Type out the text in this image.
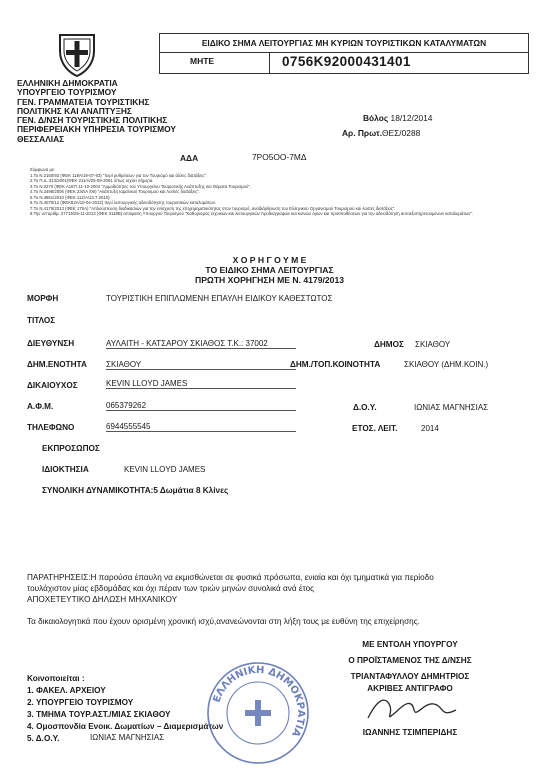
ΕΙΔΙΚΟ ΣΗΜΑ ΛΕΙΤΟΥΡΓΙΑΣ ΜΗ ΚΥΡΙΩΝ ΤΟΥΡΙΣΤΙΚΩΝ ΚΑΤΑΛΥΜΑΤΩΝ
ΜΗΤΕ	0756K92000431401
ΕΛΛΗΝΙΚΗ ΔΗΜΟΚΡΑΤΙΑ
ΥΠΟΥΡΓΕΙΟ ΤΟΥΡΙΣΜΟΥ
ΓΕΝ. ΓΡΑΜΜΑΤΕΙΑ ΤΟΥΡΙΣΤΙΚΗΣ
ΠΟΛΙΤΙΚΗΣ ΚΑΙ ΑΝΑΠΤΥΞΗΣ
ΓΕΝ. Δ/ΝΣΗ ΤΟΥΡΙΣΤΙΚΗΣ ΠΟΛΙΤΙΚΗΣ
ΠΕΡΙΦΕΡΕΙΑΚΗ ΥΠΗΡΕΣΙΑ ΤΟΥΡΙΣΜΟΥ
ΘΕΣΣΑΛΙΑΣ
Βόλος 18/12/2014
Αρ. Πρωτ.ΘΕΣ/0288
ΑΔΑ	7ΡΟ5ΟΟ-7ΜΔ
Σύμφωνα με:
1.Το Ν.2160/93 (ΦΕΚ 118Α/19-07-93) "περί ρυθμίσεων για τον Τουρισμό και άλλες διατάξεις".
2.Το Π.Δ. 313/2001(ΦΕΚ 211/Α/25-09-2001 όπως ισχύει σήμερα.
3.Το Ν.3270 (ΦΕΚ Α187/ 11-10-2004 "Αρμοδιότητες του Υπουργείου Τουριστικής Ανάπτυξης και Θέματα Τουρισμού".
4.Το Ν.3498/2006 (ΦΕΚ 230/Α /06) "Ανάπτυξη Ιαματικού Τουρισμού και Λοιπές διατάξεις".
5.Το Ν.3861/2010 (ΦΕΚ 112/Α/13.7.2010).
6.Το Ν.4070/12 (ΦΕΚ82Α/10-04-2012) περί λειτουργικής αδειοδότησης τουριστικών καταλυμάτων.
7.Το Ν.4179/2013 (ΦΕΚ 175Α) "Απλούστευση διαδικασιών για την ενίσχυση της επιχειρηματικότητας στον τουρισμό, αναδιάρθρωση του Ελληνικού Οργανισμού Τουρισμού και λοιπές διατάξεις".
8.Την υπ'αριθμ. 27715/29-11-2013 (ΦΕΚ 3118Β) απόφαση Υπουργού Τουρισμού "Καθορισμός τεχνικών και λειτουργικών προδιαγραφών και κοινών όρων και προϋποθέσεων για την αδειοδότηση αυτοεξυπηρετούμενων καταλυμάτων".
Χ Ο Ρ Η Γ Ο Υ Μ Ε
ΤΟ ΕΙΔΙΚΟ ΣΗΜΑ ΛΕΙΤΟΥΡΓΙΑΣ
ΠΡΩΤΗ ΧΟΡΗΓΗΣΗ ΜΕ Ν. 4179/2013
ΜΟΡΦΗ	ΤΟΥΡΙΣΤΙΚΗ ΕΠΙΠΛΩΜΕΝΗ ΕΠΑΥΛΗ ΕΙΔΙΚΟΥ ΚΑΘΕΣΤΩΤΟΣ
ΤΙΤΛΟΣ
ΔΙΕΥΘΥΝΣΗ	ΑΥΛΑΙΤΗ - ΚΑΤΣΑΡΟΥ ΣΚΙΑΘΟΣ Τ.Κ.: 37002	ΔΗΜΟΣ ΣΚΙΑΘΟΥ
ΔΗΜ.ΕΝΟΤΗΤΑ ΣΚΙΑΘΟΥ	ΔΗΜ./ΤΟΠ.ΚΟΙΝΟΤΗΤΑ	ΣΚΙΑΘΟΥ (ΔΗΜ.ΚΟΙΝ.)
ΔΙΚΑΙΟΥΧΟΣ	KEVIN LLOYD JAMES
Α.Φ.Μ.	065379262	Δ.Ο.Υ.	ΙΩΝΙΑΣ ΜΑΓΝΗΣΙΑΣ
ΤΗΛΕΦΩΝΟ	6944555545	ΕΤΟΣ. ΛΕΙΤ.	2014
ΕΚΠΡΟΣΩΠΟΣ
ΙΔΙΟΚΤΗΣΙΑ	KEVIN LLOYD JAMES
ΣΥΝΟΛΙΚΗ ΔΥΝΑΜΙΚΟΤΗΤΑ:5 Δωμάτια 8 Κλίνες
ΠΑΡΑΤΗΡΗΣΕΙΣ:Η παρούσα έπαυλη να εκμισθώνεται σε φυσικά πρόσωπα, ενιαία και όχι τμηματικά για περίοδο
τουλάχιστον μίας εβδομάδας και όχι πέραν των τριών μηνών συνολικά ανά έτος
ΑΠΟΧΕΤΕΥΤΙΚΟ ΔΗΛΩΣΗ ΜΗΧΑΝΙΚΟΥ
Τα δικαιολογητικά που έχουν ορισμένη χρονική ισχύ,ανανεώνονται στη λήξη τους με ευθύνη της επιχείρησης.
ΜΕ ΕΝΤΟΛΗ ΥΠΟΥΡΓΟΥ
Ο ΠΡΟΪΣΤΑΜΕΝΟΣ ΤΗΣ Δ/ΝΣΗΣ
ΤΡΙΑΝΤΑΦΥΛΛΟΥ ΔΗΜΗΤΡΙΟΣ
ΑΚΡΙΒΕΣ ΑΝΤΙΓΡΑΦΟ
ΙΩΑΝΝΗΣ ΤΣΙΜΠΕΡΙΔΗΣ
Κοινοποιείται :
1. ΦΑΚΕΛ. ΑΡΧΕΙΟΥ
2. ΥΠΟΥΡΓΕΙΟ ΤΟΥΡΙΣΜΟΥ
3. ΤΜΗΜΑ ΤΟΥΡ.ΑΣΤ./ΜΙΑΣ ΣΚΙΑΘΟΥ
4. Ομοσπονδία Ενοικ. Δωματίων – Διαμερισμάτων
5. Δ.Ο.Υ.	ΙΩΝΙΑΣ ΜΑΓΝΗΣΙΑΣ
ΕΛΛΗΝΙΚΗ ΔΗΜΟΚΡΑΤΙΑ
